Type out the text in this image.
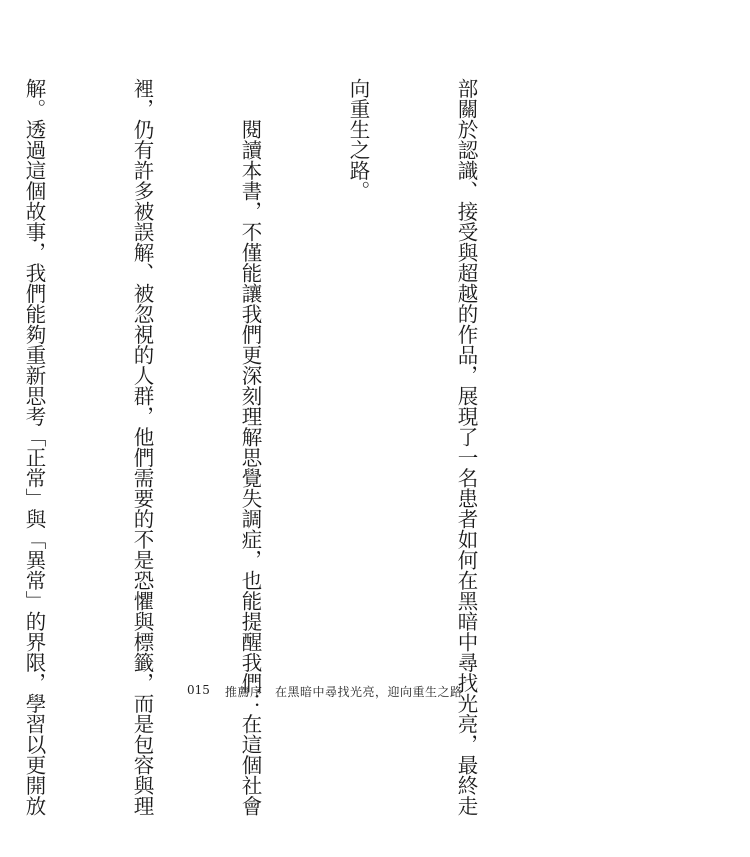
部關於認識、接受與超越的作品，展現了一名患者如何在黑暗中尋找光亮，最終走

向重生之路。

閱讀本書，不僅能讓我們更深刻理解思覺失調症，也能提醒我們：在這個社會

裡，仍有許多被誤解、被忽視的人群，他們需要的不是恐懼與標籤，而是包容與理

解。透過這個故事，我們能夠重新思考「正常」與「異常」的界限，學習以更開放

	015 推薦序　在黑暗中尋找光亮，迎向重生之路
